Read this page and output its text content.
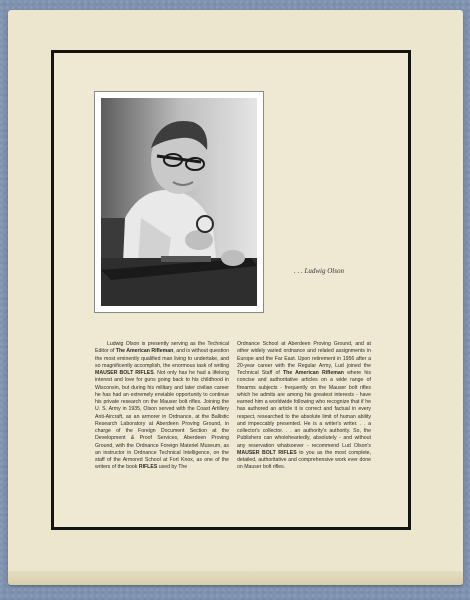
. . . Ludwig Olson
Ludwig Olson is presently serving as the Technical Editor of The American Rifleman, and is without question the most eminently qualified man living to undertake, and so magnificently accomplish, the enormous task of writing MAUSER BOLT RIFLES. Not only has he had a lifelong interest and love for guns going back to his childhood in Wisconsin, but during his military and later civilian career he has had an extremely enviable opportunity to continue his private research on the Mauser bolt rifles. Joining the U. S. Army in 1935, Olson served with the Coast Artillery Anti-Aircraft, as an armorer in Ordnance, at the Ballistic Research Laboratory at Aberdeen Proving Ground, in charge of the Foreign Document Section at the Development & Proof Services, Aberdeen Proving Ground, with the Ordnance Foreign Materiel Museum, as an instructor in Ordnance Technical Intelligence, on the staff of the Armored School at Fort Knox, as one of the writers of the book RIFLES used by The
Ordnance School at Aberdeen Proving Ground, and at other widely varied ordnance and related assignments in Europe and the Far East. Upon retirement in 1956 after a 20-year career with the Regular Army, Lud joined the Technical Staff of The American Rifleman where his concise and authoritative articles on a wide range of firearms subjects - frequently on the Mauser bolt rifles which he admits are among his greatest interests - have earned him a worldwide following who recognize that if he has authored an article it is correct and factual in every respect, researched to the absolute limit of human ability and impeccably presented. He is a writer's writer. . . a collector's collector. . . an authority's authority. So, the Publishers can wholeheartedly, absolutely - and without any reservation whatsoever - recommend Lud Olson's MAUSER BOLT RIFLES to you as the most complete, detailed, authoritative and comprehensive work ever done on Mauser bolt rifles.
